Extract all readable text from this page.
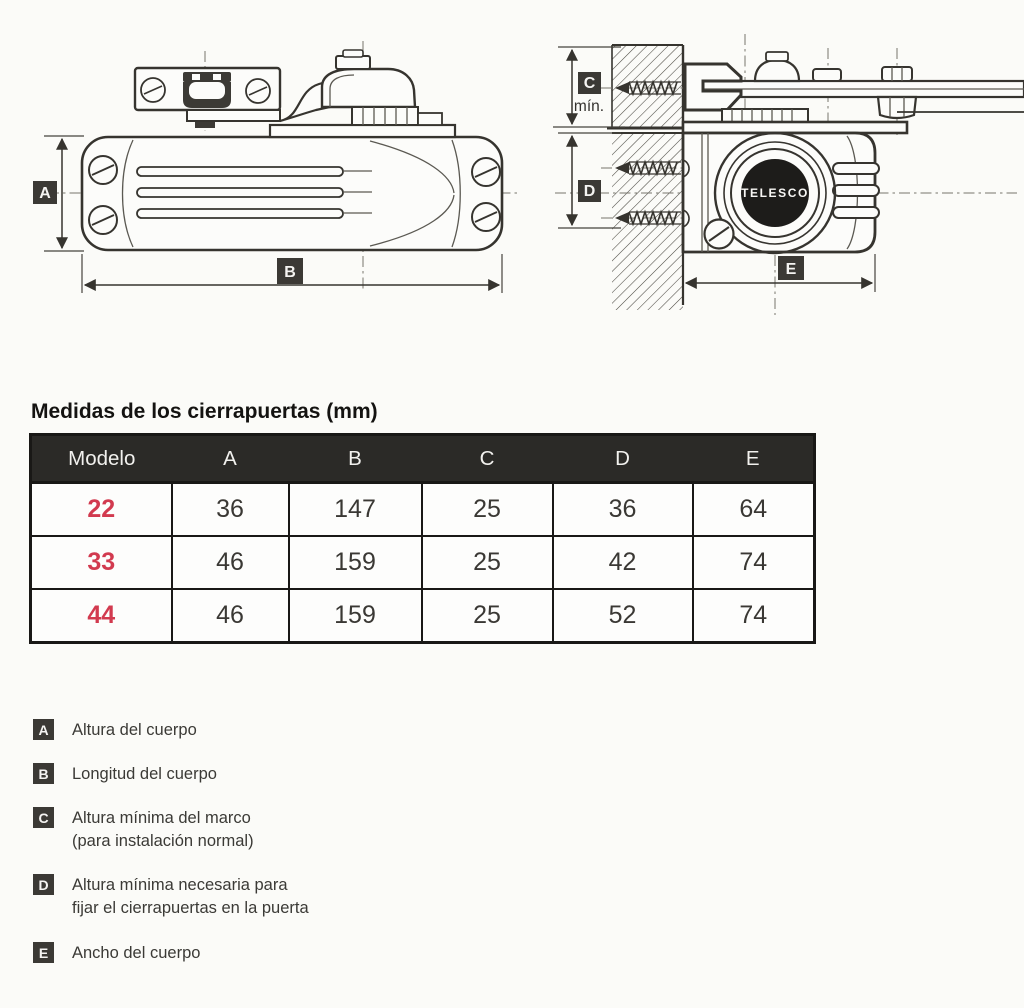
A
B
TELESCO
C
mín.
D
E
Medidas de los cierrapuertas (mm)
Modelo	A	B	C	D	E
22	36	147	25	36	64
33	46	159	25	42	74
44	46	159	25	52	74
A	Altura del cuerpo
B	Longitud del cuerpo
C	Altura mínima del marco
(para instalación normal)
D	Altura mínima necesaria para
fijar el cierrapuertas en la puerta
E	Ancho del cuerpo
